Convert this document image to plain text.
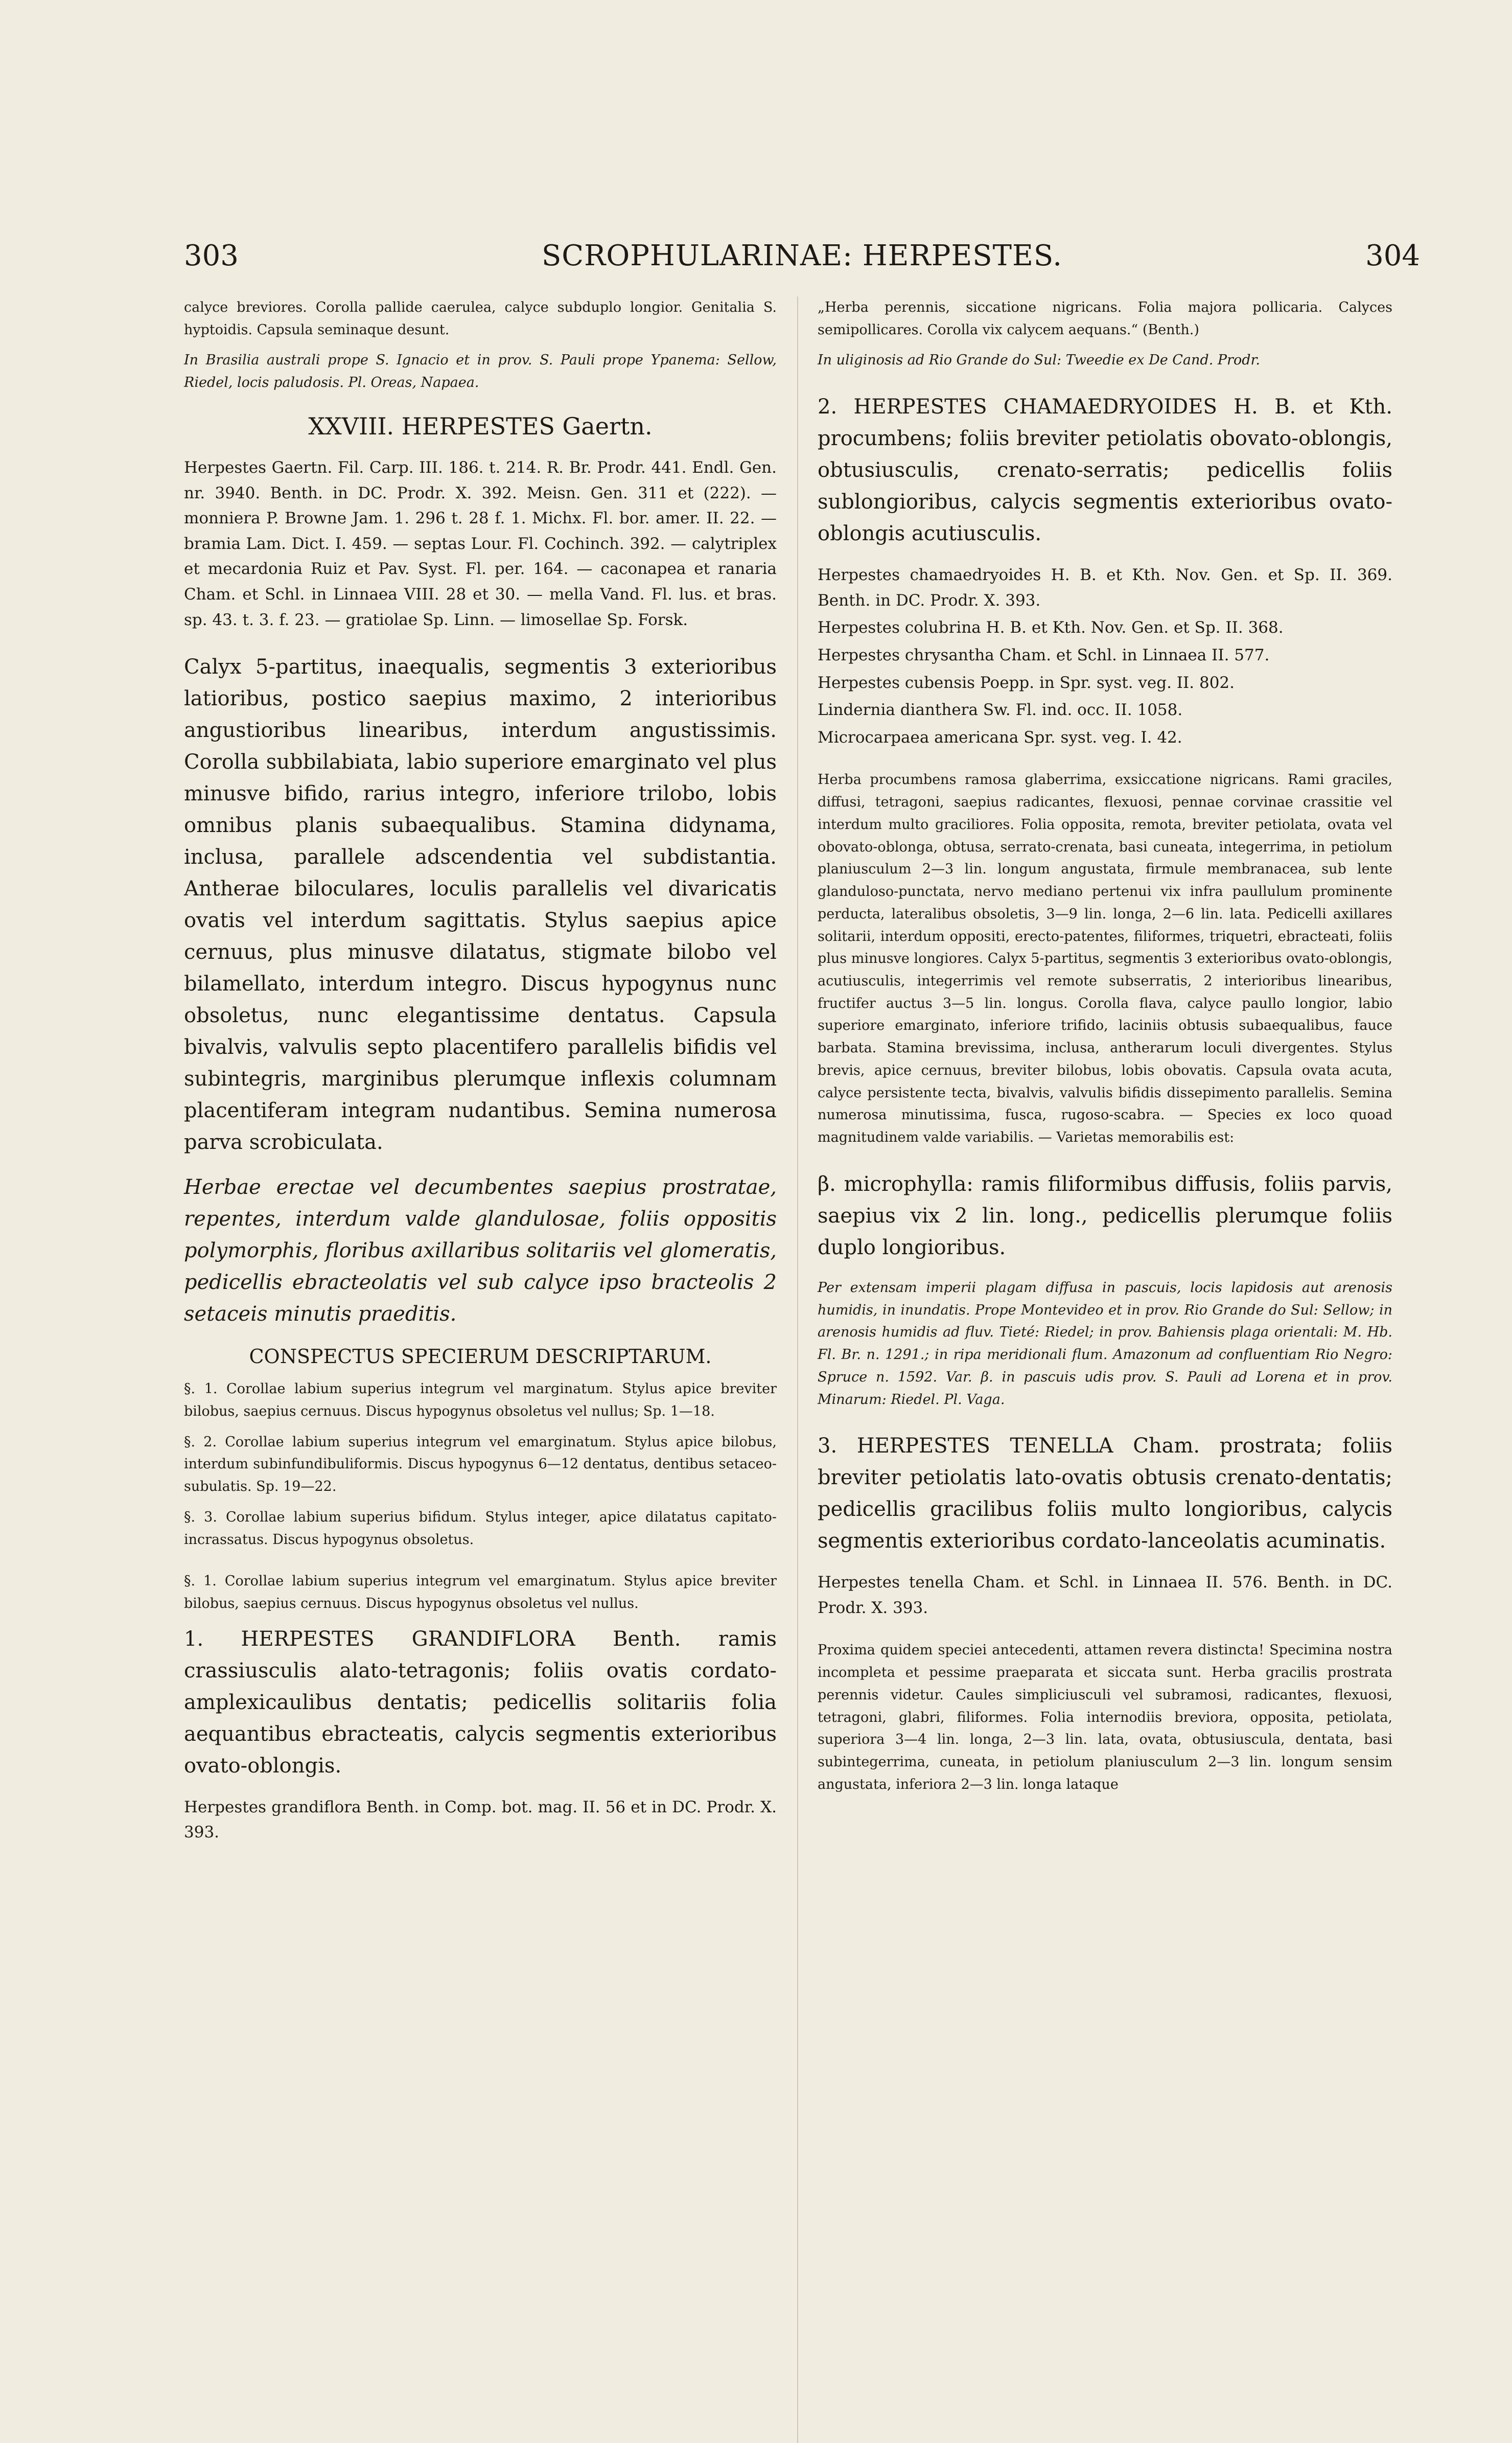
303	SCROPHULARINAE: HERPESTES.	304

calyce breviores. Corolla pallide caerulea, calyce subduplo longior. Genitalia S. hyptoidis. Capsula seminaque desunt.

In Brasilia australi prope S. Ignacio et in prov. S. Pauli prope Ypanema: Sellow, Riedel, locis paludosis. Pl. Oreas, Napaea.

XXVIII. HERPESTES Gaertn.

Herpestes Gaertn. Fil. Carp. III. 186. t. 214. R. Br. Prodr. 441. Endl. Gen. nr. 3940. Benth. in DC. Prodr. X. 392. Meisn. Gen. 311 et (222). — monniera P. Browne Jam. 1. 296 t. 28 f. 1. Michx. Fl. bor. amer. II. 22. — bramia Lam. Dict. I. 459. — septas Lour. Fl. Cochinch. 392. — calytriplex et mecardonia Ruiz et Pav. Syst. Fl. per. 164. — caconapea et ranaria Cham. et Schl. in Linnaea VIII. 28 et 30. — mella Vand. Fl. lus. et bras. sp. 43. t. 3. f. 23. — gratiolae Sp. Linn. — limosellae Sp. Forsk.

Calyx 5-partitus, inaequalis, segmentis 3 exterioribus latioribus, postico saepius maximo, 2 interioribus angustioribus linearibus, interdum angustissimis. Corolla subbilabiata, labio superiore emarginato vel plus minusve bifido, rarius integro, inferiore trilobo, lobis omnibus planis subaequalibus. Stamina didynama, inclusa, parallele adscendentia vel subdistantia. Antherae biloculares, loculis parallelis vel divaricatis ovatis vel interdum sagittatis. Stylus saepius apice cernuus, plus minusve dilatatus, stigmate bilobo vel bilamellato, interdum integro. Discus hypogynus nunc obsoletus, nunc elegantissime dentatus. Capsula bivalvis, valvulis septo placentifero parallelis bifidis vel subintegris, marginibus plerumque inflexis columnam placentiferam integram nudantibus. Semina numerosa parva scrobiculata.

Herbae erectae vel decumbentes saepius prostratae, repentes, interdum valde glandulosae, foliis oppositis polymorphis, floribus axillaribus solitariis vel glomeratis, pedicellis ebracteolatis vel sub calyce ipso bracteolis 2 setaceis minutis praeditis.

CONSPECTUS SPECIERUM DESCRIPTARUM.

§. 1. Corollae labium superius integrum vel marginatum. Stylus apice breviter bilobus, saepius cernuus. Discus hypogynus obsoletus vel nullus; Sp. 1—18.

§. 2. Corollae labium superius integrum vel emarginatum. Stylus apice bilobus, interdum subinfundibuliformis. Discus hypogynus 6—12 dentatus, dentibus setaceo-subulatis. Sp. 19—22.

§. 3. Corollae labium superius bifidum. Stylus integer, apice dilatatus capitato-incrassatus. Discus hypogynus obsoletus.

§. 1. Corollae labium superius integrum vel emarginatum. Stylus apice breviter bilobus, saepius cernuus. Discus hypogynus obsoletus vel nullus.

1. HERPESTES GRANDIFLORA Benth. ramis crassiusculis alato-tetragonis; foliis ovatis cordato-amplexicaulibus dentatis; pedicellis solitariis folia aequantibus ebracteatis, calycis segmentis exterioribus ovato-oblongis.

Herpestes grandiflora Benth. in Comp. bot. mag. II. 56 et in DC. Prodr. X. 393.

„Herba perennis, siccatione nigricans. Folia majora pollicaria. Calyces semipollicares. Corolla vix calycem aequans.“ (Benth.)

In uliginosis ad Rio Grande do Sul: Tweedie ex De Cand. Prodr.

2. HERPESTES CHAMAEDRYOIDES H. B. et Kth. procumbens; foliis breviter petiolatis obovato-oblongis, obtusiusculis, crenato-serratis; pedicellis foliis sublongioribus, calycis segmentis exterioribus ovato-oblongis acutiusculis.

Herpestes chamaedryoides H. B. et Kth. Nov. Gen. et Sp. II. 369. Benth. in DC. Prodr. X. 393.

Herpestes colubrina H. B. et Kth. Nov. Gen. et Sp. II. 368.

Herpestes chrysantha Cham. et Schl. in Linnaea II. 577.

Herpestes cubensis Poepp. in Spr. syst. veg. II. 802.

Lindernia dianthera Sw. Fl. ind. occ. II. 1058.

Microcarpaea americana Spr. syst. veg. I. 42.

Herba procumbens ramosa glaberrima, exsiccatione nigricans. Rami graciles, diffusi, tetragoni, saepius radicantes, flexuosi, pennae corvinae crassitie vel interdum multo graciliores. Folia opposita, remota, breviter petiolata, ovata vel obovato-oblonga, obtusa, serrato-crenata, basi cuneata, integerrima, in petiolum planiusculum 2—3 lin. longum angustata, firmule membranacea, sub lente glanduloso-punctata, nervo mediano pertenui vix infra paullulum prominente perducta, lateralibus obsoletis, 3—9 lin. longa, 2—6 lin. lata. Pedicelli axillares solitarii, interdum oppositi, erecto-patentes, filiformes, triquetri, ebracteati, foliis plus minusve longiores. Calyx 5-partitus, segmentis 3 exterioribus ovato-oblongis, acutiusculis, integerrimis vel remote subserratis, 2 interioribus linearibus, fructifer auctus 3—5 lin. longus. Corolla flava, calyce paullo longior, labio superiore emarginato, inferiore trifido, laciniis obtusis subaequalibus, fauce barbata. Stamina brevissima, inclusa, antherarum loculi divergentes. Stylus brevis, apice cernuus, breviter bilobus, lobis obovatis. Capsula ovata acuta, calyce persistente tecta, bivalvis, valvulis bifidis dissepimento parallelis. Semina numerosa minutissima, fusca, rugoso-scabra. — Species ex loco quoad magnitudinem valde variabilis. — Varietas memorabilis est:

β. microphylla: ramis filiformibus diffusis, foliis parvis, saepius vix 2 lin. long., pedicellis plerumque foliis duplo longioribus.

Per extensam imperii plagam diffusa in pascuis, locis lapidosis aut arenosis humidis, in inundatis. Prope Montevideo et in prov. Rio Grande do Sul: Sellow; in arenosis humidis ad fluv. Tieté: Riedel; in prov. Bahiensis plaga orientali: M. Hb. Fl. Br. n. 1291.; in ripa meridionali flum. Amazonum ad confluentiam Rio Negro: Spruce n. 1592. Var. β. in pascuis udis prov. S. Pauli ad Lorena et in prov. Minarum: Riedel. Pl. Vaga.

3. HERPESTES TENELLA Cham. prostrata; foliis breviter petiolatis lato-ovatis obtusis crenato-dentatis; pedicellis gracilibus foliis multo longioribus, calycis segmentis exterioribus cordato-lanceolatis acuminatis.

Herpestes tenella Cham. et Schl. in Linnaea II. 576. Benth. in DC. Prodr. X. 393.

Proxima quidem speciei antecedenti, attamen revera distincta! Specimina nostra incompleta et pessime praeparata et siccata sunt. Herba gracilis prostrata perennis videtur. Caules simpliciusculi vel subramosi, radicantes, flexuosi, tetragoni, glabri, filiformes. Folia internodiis breviora, opposita, petiolata, superiora 3—4 lin. longa, 2—3 lin. lata, ovata, obtusiuscula, dentata, basi subintegerrima, cuneata, in petiolum planiusculum 2—3 lin. longum sensim angustata, inferiora 2—3 lin. longa lataque
